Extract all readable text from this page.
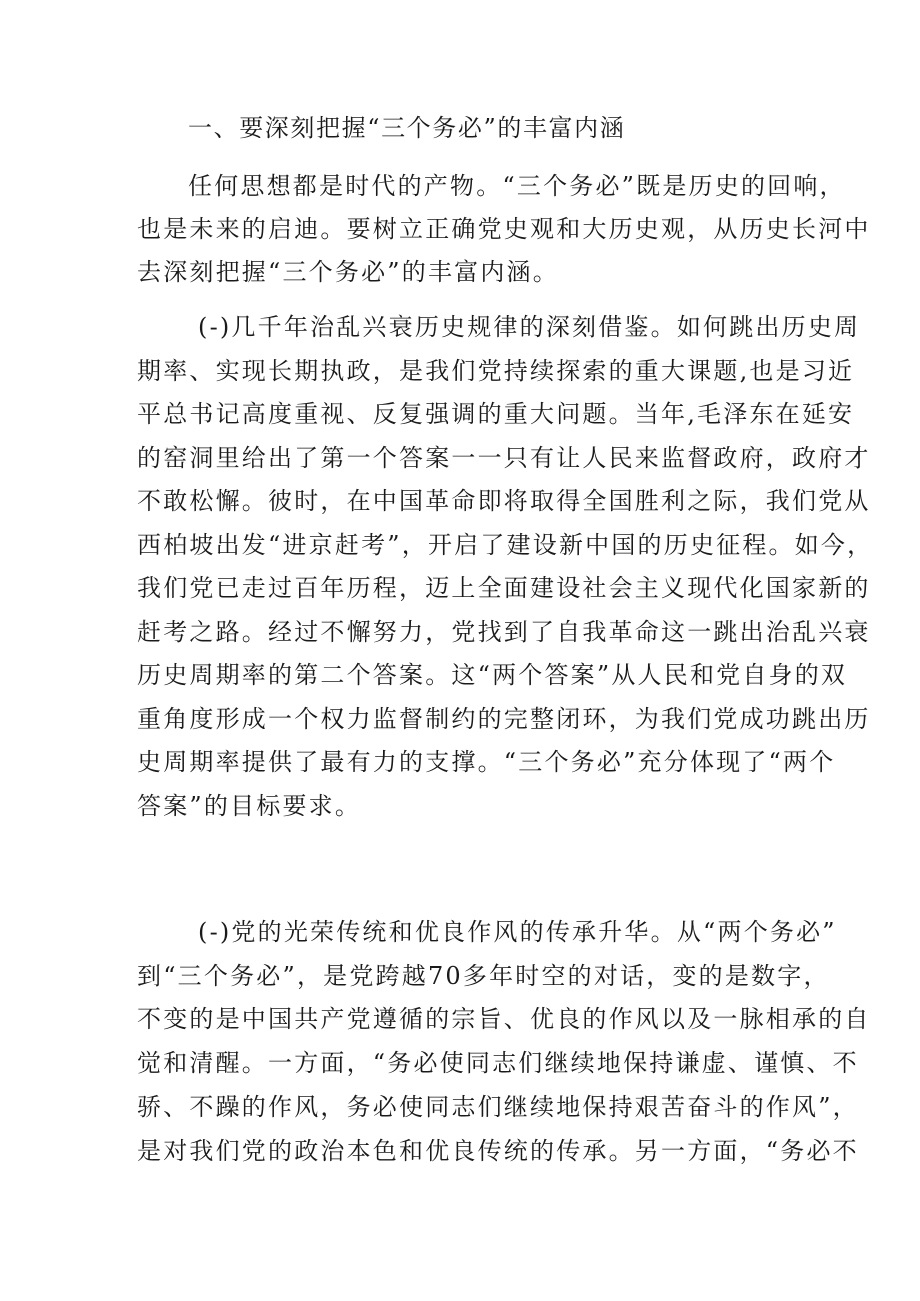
一、要深刻把握“三个务必”的丰富内涵
任何思想都是时代的产物。“三个务必”既是历史的回响，
也是未来的启迪。要树立正确党史观和大历史观，从历史长河中
去深刻把握“三个务必”的丰富内涵。
(-)几千年治乱兴衰历史规律的深刻借鉴。如何跳出历史周
期率、实现长期执政，是我们党持续探索的重大课题,也是习近
平总书记高度重视、反复强调的重大问题。当年,毛泽东在延安
的窑洞里给出了第一个答案一一只有让人民来监督政府，政府才
不敢松懈。彼时，在中国革命即将取得全国胜利之际，我们党从
西柏坡出发“进京赶考”，开启了建设新中国的历史征程。如今，
我们党已走过百年历程，迈上全面建设社会主义现代化国家新的
赶考之路。经过不懈努力，党找到了自我革命这一跳出治乱兴衰
历史周期率的第二个答案。这“两个答案”从人民和党自身的双
重角度形成一个权力监督制约的完整闭环，为我们党成功跳出历
史周期率提供了最有力的支撑。“三个务必”充分体现了“两个
答案”的目标要求。
(-)党的光荣传统和优良作风的传承升华。从“两个务必”
到“三个务必”，是党跨越70多年时空的对话，变的是数字，
不变的是中国共产党遵循的宗旨、优良的作风以及一脉相承的自
觉和清醒。一方面，“务必使同志们继续地保持谦虚、谨慎、不
骄、不躁的作风，务必使同志们继续地保持艰苦奋斗的作风”，
是对我们党的政治本色和优良传统的传承。另一方面，“务必不
